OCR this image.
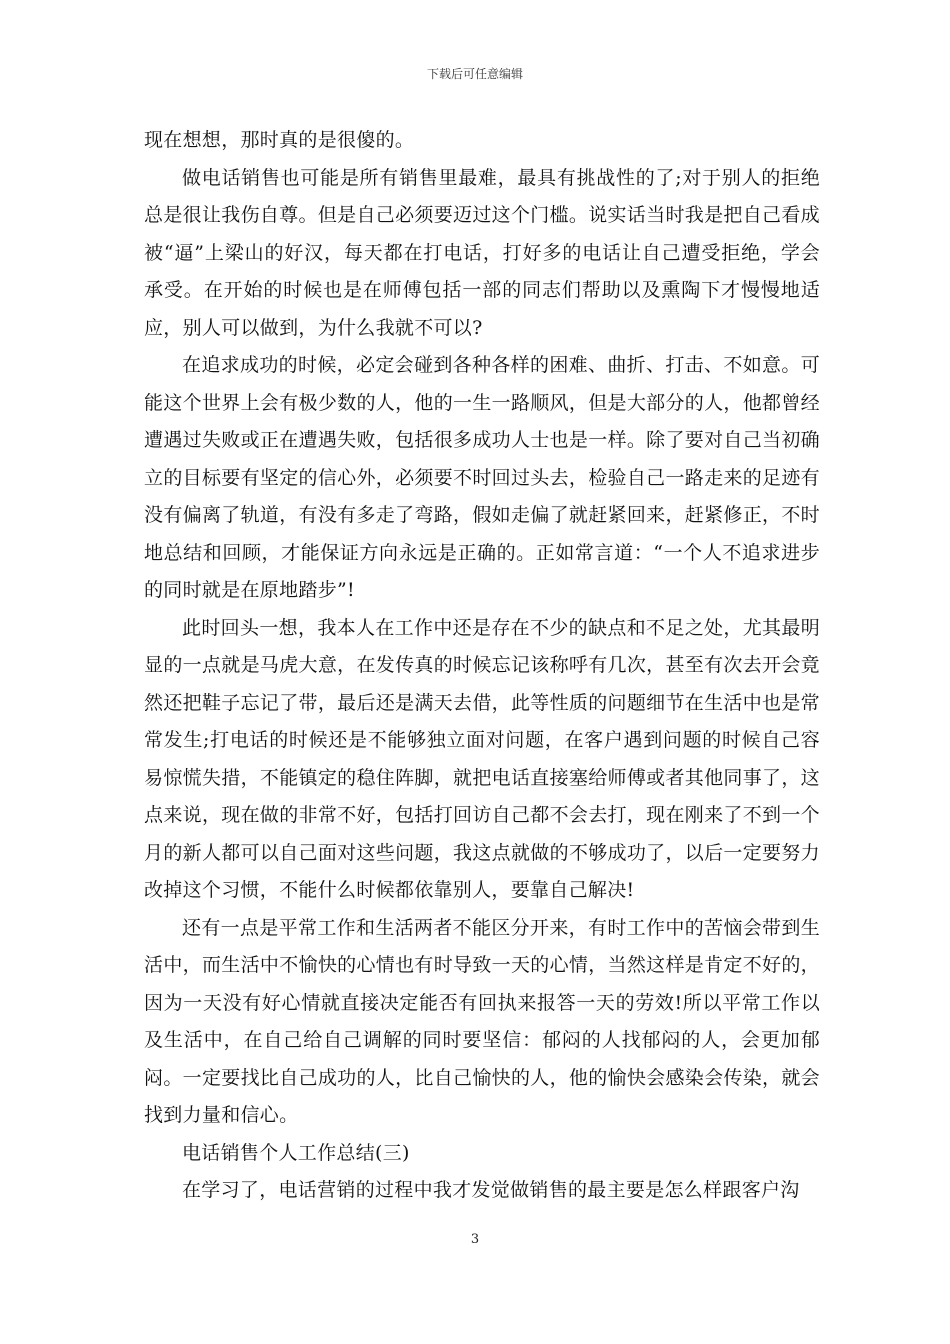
下载后可任意编辑

现在想想，那时真的是很傻的。

做电话销售也可能是所有销售里最难，最具有挑战性的了;对于别人的拒绝总是很让我伤自尊。但是自己必须要迈过这个门槛。说实话当时我是把自己看成被“逼”上梁山的好汉，每天都在打电话，打好多的电话让自己遭受拒绝，学会承受。在开始的时候也是在师傅包括一部的同志们帮助以及熏陶下才慢慢地适应，别人可以做到，为什么我就不可以?

在追求成功的时候，必定会碰到各种各样的困难、曲折、打击、不如意。可能这个世界上会有极少数的人，他的一生一路顺风，但是大部分的人，他都曾经遭遇过失败或正在遭遇失败，包括很多成功人士也是一样。除了要对自己当初确立的目标要有坚定的信心外，必须要不时回过头去，检验自己一路走来的足迹有没有偏离了轨道，有没有多走了弯路，假如走偏了就赶紧回来，赶紧修正，不时地总结和回顾，才能保证方向永远是正确的。正如常言道：“一个人不追求进步的同时就是在原地踏步”!

此时回头一想，我本人在工作中还是存在不少的缺点和不足之处，尤其最明显的一点就是马虎大意，在发传真的时候忘记该称呼有几次，甚至有次去开会竟然还把鞋子忘记了带，最后还是满天去借，此等性质的问题细节在生活中也是常常发生;打电话的时候还是不能够独立面对问题，在客户遇到问题的时候自己容易惊慌失措，不能镇定的稳住阵脚，就把电话直接塞给师傅或者其他同事了，这点来说，现在做的非常不好，包括打回访自己都不会去打，现在刚来了不到一个月的新人都可以自己面对这些问题，我这点就做的不够成功了，以后一定要努力改掉这个习惯，不能什么时候都依靠别人，要靠自己解决!

还有一点是平常工作和生活两者不能区分开来，有时工作中的苦恼会带到生活中，而生活中不愉快的心情也有时导致一天的心情，当然这样是肯定不好的，因为一天没有好心情就直接决定能否有回执来报答一天的劳效!所以平常工作以及生活中，在自己给自己调解的同时要坚信：郁闷的人找郁闷的人，会更加郁闷。一定要找比自己成功的人，比自己愉快的人，他的愉快会感染会传染，就会找到力量和信心。

电话销售个人工作总结(三)

在学习了，电话营销的过程中我才发觉做销售的最主要是怎么样跟客户沟

3
